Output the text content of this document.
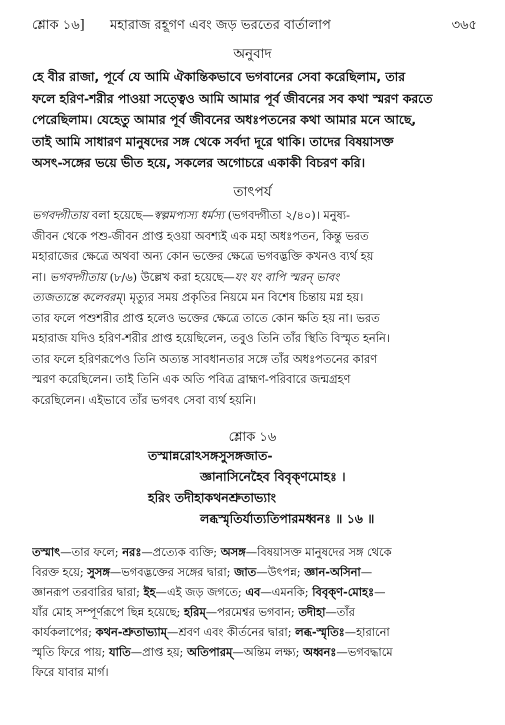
শ্লোক ১৬] মহারাজ রহূগণ এবং জড় ভরতের বার্তালাপ	৩৬৫
অনুবাদ
হে বীর রাজা, পূর্বে যে আমি ঐকান্তিকভাবে ভগবানের সেবা করেছিলাম, তার
ফলে হরিণ-শরীর পাওয়া সত্ত্বেও আমি আমার পূর্ব জীবনের সব কথা স্মরণ করতে
পেরেছিলাম। যেহেতু আমার পূর্ব জীবনের অধঃপতনের কথা আমার মনে আছে,
তাই আমি সাধারণ মানুষদের সঙ্গ থেকে সর্বদা দূরে থাকি। তাদের বিষয়াসক্ত
অসৎ-সঙ্গের ভয়ে ভীত হয়ে, সকলের অগোচরে একাকী বিচরণ করি।
তাৎপর্য
ভগবদ্গীতায় বলা হয়েছে—স্বল্পমপ্যস্য ধর্মস্য (ভগবদ্গীতা ২/৪০)। মনুষ্য-
জীবন থেকে পশু-জীবন প্রাপ্ত হওয়া অবশ্যই এক মহা অধঃপতন, কিন্তু ভরত
মহারাজের ক্ষেত্রে অথবা অন্য কোন ভক্তের ক্ষেত্রে ভগবদ্ভক্তি কখনও ব্যর্থ হয়
না। ভগবদ্গীতায় (৮/৬) উল্লেখ করা হয়েছে—যং যং বাপি স্মরন্ ভাবং
ত্যজত্যন্তে কলেবরম্। মৃত্যুর সময় প্রকৃতির নিয়মে মন বিশেষ চিন্তায় মগ্ন হয়।
তার ফলে পশুশরীর প্রাপ্ত হলেও ভক্তের ক্ষেত্রে তাতে কোন ক্ষতি হয় না। ভরত
মহারাজ যদিও হরিণ-শরীর প্রাপ্ত হয়েছিলেন, তবুও তিনি তাঁর স্থিতি বিস্মৃত হননি।
তার ফলে হরিণরূপেও তিনি অত্যন্ত সাবধানতার সঙ্গে তাঁর অধঃপতনের কারণ
স্মরণ করেছিলেন। তাই তিনি এক অতি পবিত্র ব্রাহ্মণ-পরিবারে জন্মগ্রহণ
করেছিলেন। এইভাবে তাঁর ভগবৎ সেবা ব্যর্থ হয়নি।
শ্লোক ১৬
তস্মান্নরোঽসঙ্গসুসঙ্গজাত-
জ্ঞানাসিনেহৈব বিবৃক্‌ণমোহঃ ।
হরিং তদীহাকথনশ্রুতাভ্যাং
লব্ধস্মৃতির্যাত্যতিপারমধ্বনঃ ॥ ১৬ ॥
তস্মাৎ—তার ফলে; নরঃ—প্রত্যেক ব্যক্তি; অসঙ্গ—বিষয়াসক্ত মানুষদের সঙ্গ থেকে
বিরক্ত হয়ে; সুসঙ্গ—ভগবদ্ভক্তের সঙ্গের দ্বারা; জাত—উৎপন্ন; জ্ঞান-অসিনা—
জ্ঞানরূপ তরবারির দ্বারা; ইহ—এই জড় জগতে; এব—এমনকি; বিবৃক্‌ণ-মোহঃ—
যাঁর মোহ সম্পূর্ণরূপে ছিন্ন হয়েছে; হরিম্—পরমেশ্বর ভগবান; তদীহা—তাঁর
কার্যকলাপের; কথন-শ্রুতাভ্যাম্—শ্রবণ এবং কীর্তনের দ্বারা; লব্ধ-স্মৃতিঃ—হারানো
স্মৃতি ফিরে পায়; যাতি—প্রাপ্ত হয়; অতিপারম্—অন্তিম লক্ষ্য; অধ্বনঃ—ভগবদ্ধামে
ফিরে যাবার মার্গ।
